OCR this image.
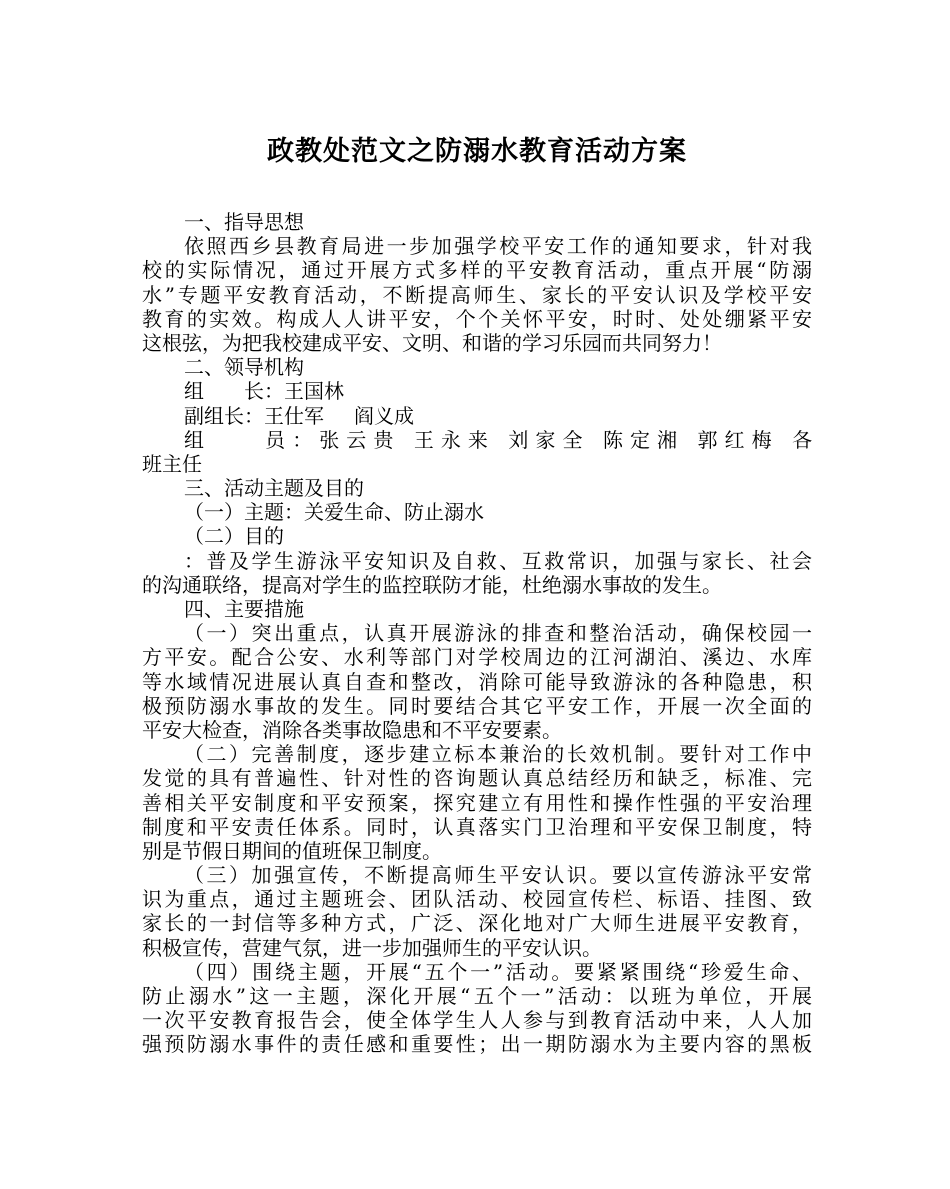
政教处范文之防溺水教育活动方案
一、指导思想
依照西乡县教育局进一步加强学校平安工作的通知要求，针对我
校的实际情况，通过开展方式多样的平安教育活动，重点开展“防溺
水”专题平安教育活动，不断提高师生、家长的平安认识及学校平安
教育的实效。构成人人讲平安，个个关怀平安，时时、处处绷紧平安
这根弦，为把我校建成平安、文明、和谐的学习乐园而共同努力！
二、领导机构
组　　长：王国林
副组长：王仕军 阎义成
组　　员：张云贵 王永来 刘家全 陈定湘 郭红梅 各
班主任
三、活动主题及目的
（一）主题：关爱生命、防止溺水
（二）目的
：普及学生游泳平安知识及自救、互救常识，加强与家长、社会
的沟通联络，提高对学生的监控联防才能，杜绝溺水事故的发生。
四、主要措施
（一）突出重点，认真开展游泳的排查和整治活动，确保校园一
方平安。配合公安、水利等部门对学校周边的江河湖泊、溪边、水库
等水域情况进展认真自查和整改，消除可能导致游泳的各种隐患，积
极预防溺水事故的发生。同时要结合其它平安工作，开展一次全面的
平安大检查，消除各类事故隐患和不平安要素。
（二）完善制度，逐步建立标本兼治的长效机制。要针对工作中
发觉的具有普遍性、针对性的咨询题认真总结经历和缺乏，标准、完
善相关平安制度和平安预案，探究建立有用性和操作性强的平安治理
制度和平安责任体系。同时，认真落实门卫治理和平安保卫制度，特
别是节假日期间的值班保卫制度。
（三）加强宣传，不断提高师生平安认识。要以宣传游泳平安常
识为重点，通过主题班会、团队活动、校园宣传栏、标语、挂图、致
家长的一封信等多种方式，广泛、深化地对广大师生进展平安教育，
积极宣传，营建气氛，进一步加强师生的平安认识。
（四）围绕主题，开展“五个一”活动。要紧紧围绕“珍爱生命、
防止溺水”这一主题，深化开展“五个一”活动：以班为单位，开展
一次平安教育报告会，使全体学生人人参与到教育活动中来，人人加
强预防溺水事件的责任感和重要性；出一期防溺水为主要内容的黑板
